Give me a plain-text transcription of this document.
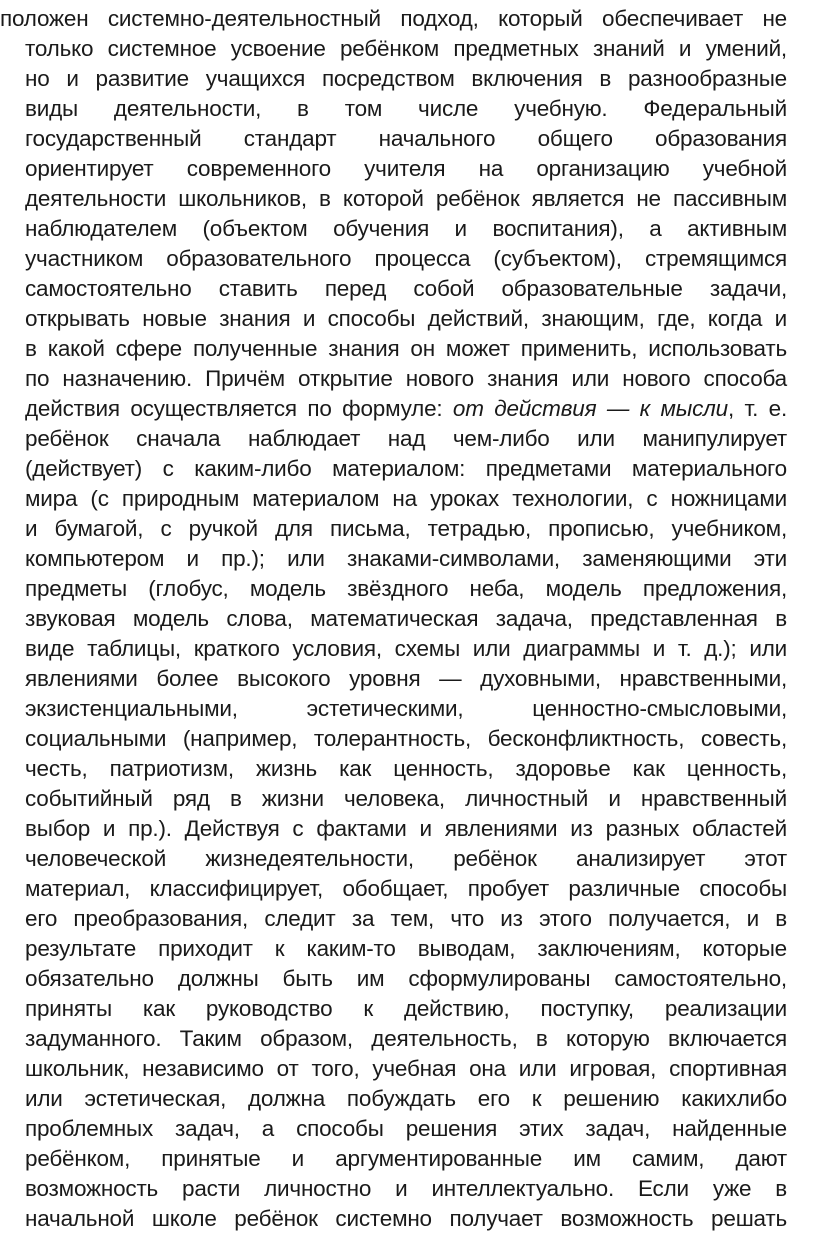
положен системно-деятельностный подход, который обеспечивает не
только системное усвоение ребёнком предметных знаний и умений,
но и развитие учащихся посредством включения в разнообразные
виды деятельности, в том числе учебную. Федеральный
государственный стандарт начального общего образования
ориентирует современного учителя на организацию учебной
деятельности школьников, в которой ребёнок является не пассивным
наблюдателем (объектом обучения и воспитания), а активным
участником образовательного процесса (субъектом), стремящимся
самостоятельно ставить перед собой образовательные задачи,
открывать новые знания и способы действий, знающим, где, когда и
в какой сфере полученные знания он может применить, использовать
по назначению. Причём открытие нового знания или нового способа
действия осуществляется по формуле: от действия — к мысли, т. е.
ребёнок сначала наблюдает над чем-либо или манипулирует
(действует) с каким-либо материалом: предметами материального
мира (с природным материалом на уроках технологии, с ножницами
и бумагой, с ручкой для письма, тетрадью, прописью, учебником,
компьютером и пр.); или знаками-символами, заменяющими эти
предметы (глобус, модель звёздного неба, модель предложения,
звуковая модель слова, математическая задача, представленная в
виде таблицы, краткого условия, схемы или диаграммы и т. д.); или
явлениями более высокого уровня — духовными, нравственными,
экзистенциальными, эстетическими, ценностно-смысловыми,
социальными (например, толерантность, бесконфликтность, совесть,
честь, патриотизм, жизнь как ценность, здоровье как ценность,
событийный ряд в жизни человека, личностный и нравственный
выбор и пр.). Действуя с фактами и явлениями из разных областей
человеческой жизнедеятельности, ребёнок анализирует этот
материал, классифицирует, обобщает, пробует различные способы
его преобразования, следит за тем, что из этого получается, и в
результате приходит к каким-то выводам, заключениям, которые
обязательно должны быть им сформулированы самостоятельно,
приняты как руководство к действию, поступку, реализации
задуманного. Таким образом, деятельность, в которую включается
школьник, независимо от того, учебная она или игровая, спортивная
или эстетическая, должна побуждать его к решению какихлибо
проблемных задач, а способы решения этих задач, найденные
ребёнком, принятые и аргументированные им самим, дают
возможность расти личностно и интеллектуально. Если уже в
начальной школе ребёнок системно получает возможность решать
